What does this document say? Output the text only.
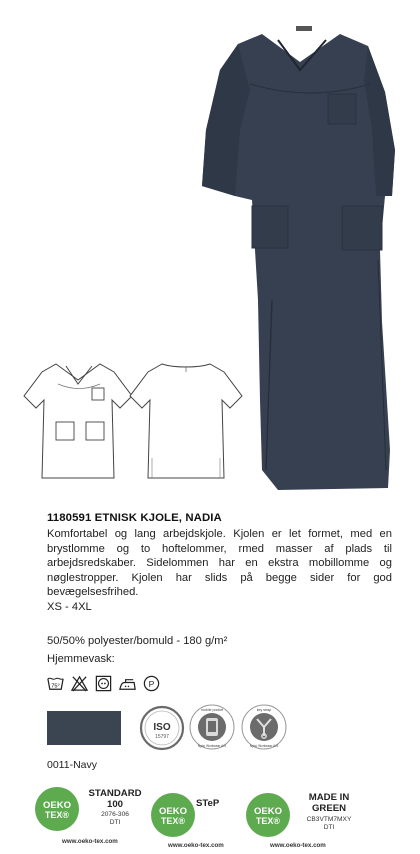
1180591 ETNISK KJOLE, NADIA
Komfortabel og lang arbejdskjole. Kjolen er let formet, med en brystlomme og to hoftelommer, rmed masser af plads til arbejdsredskaber. Sidelommen har en ekstra mobillomme og nøglestropper. Kjolen har slids på begge sider for god bevægelsesfrihed.
XS - 4XL
50/50% polyester/bomuld - 180 g/m²
Hjemmevask:
75°	P
0011-Navy
ISO
15797
mobile pocket
Nybo Workwear A/S
key strap
Nybo Workwear A/S
OEKO
TEX®	OEKO
TEX®
OEKO
TEX®
STANDARD
100
2076-306
DTI
www.oeko-tex.com
STeP
www.oeko-tex.com
MADE IN
GREEN
CB3VTM7MXY
DTI
www.oeko-tex.com
